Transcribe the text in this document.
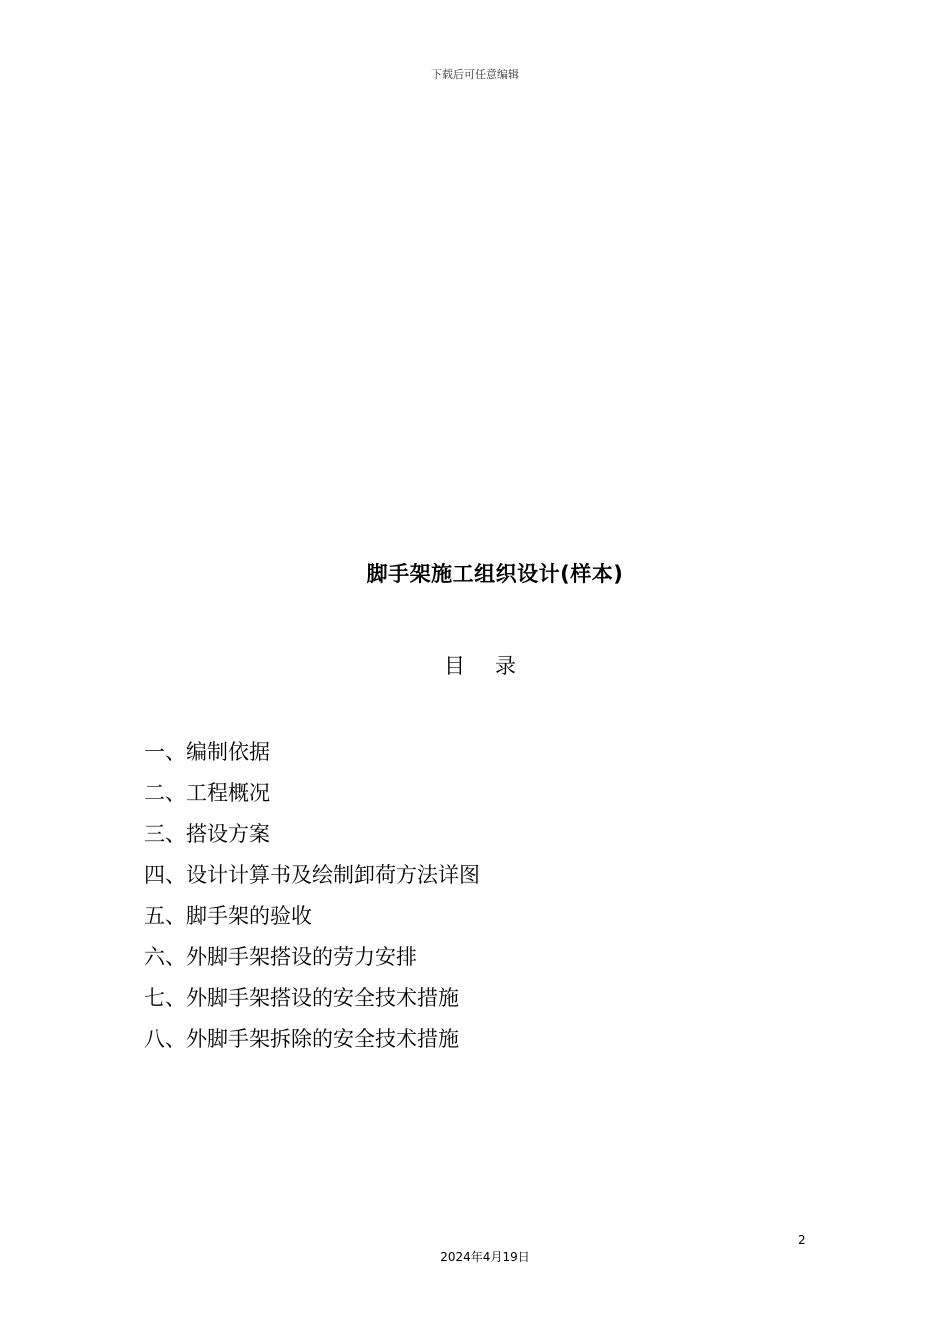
下载后可任意编辑
脚手架施工组织设计(样本)
目录
一、编制依据
二、工程概况
三、搭设方案
四、设计计算书及绘制卸荷方法详图
五、脚手架的验收
六、外脚手架搭设的劳力安排
七、外脚手架搭设的安全技术措施
八、外脚手架拆除的安全技术措施
2
2024年4月19日
